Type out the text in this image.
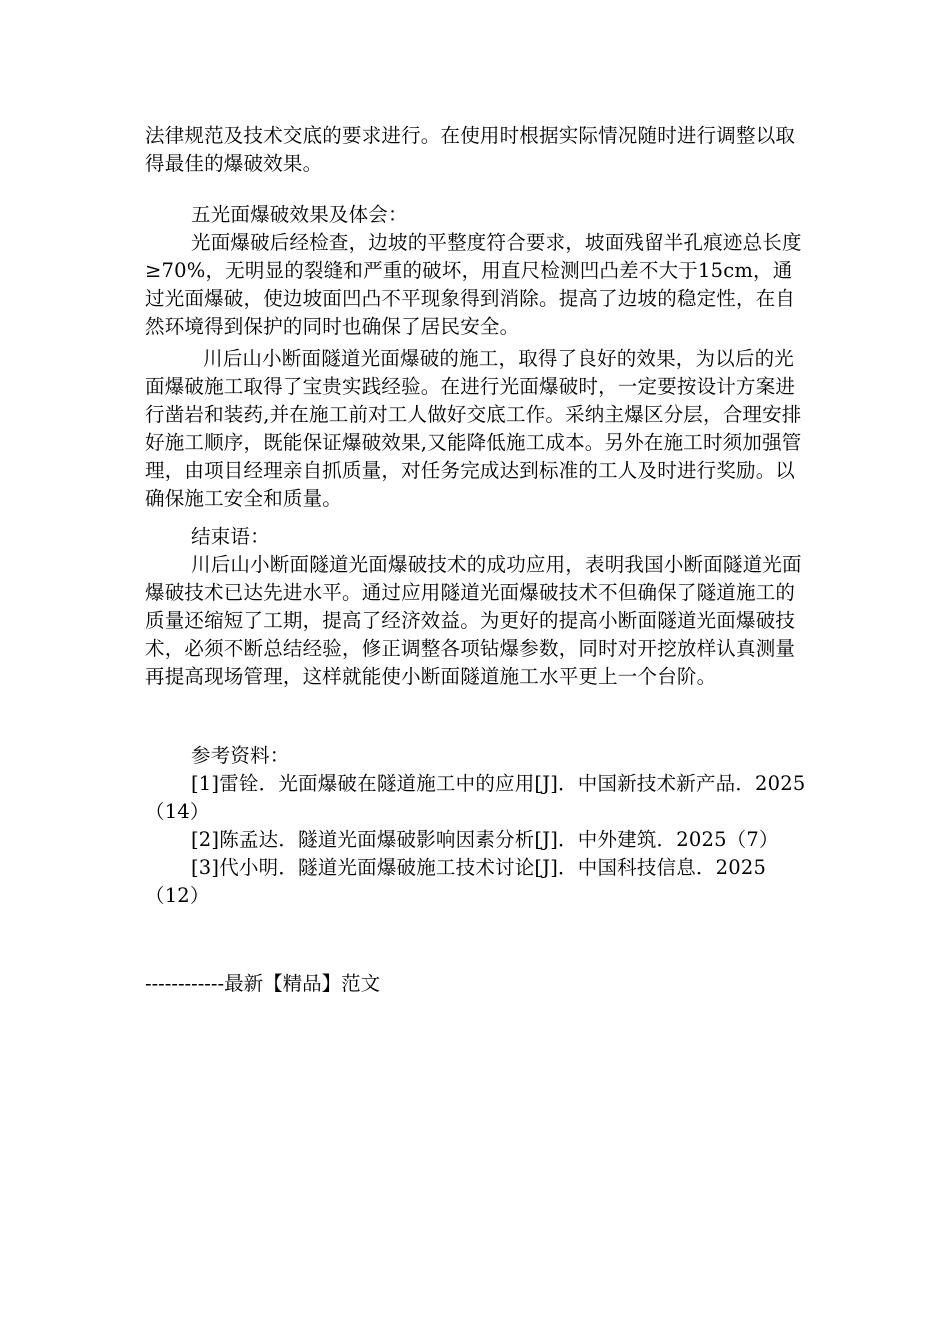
法律规范及技术交底的要求进行。在使用时根据实际情况随时进行调整以取得最佳的爆破效果。

五光面爆破效果及体会：

光面爆破后经检查，边坡的平整度符合要求，坡面残留半孔痕迹总长度≥70%，无明显的裂缝和严重的破坏，用直尺检测凹凸差不大于15cm，通过光面爆破，使边坡面凹凸不平现象得到消除。提高了边坡的稳定性，在自然环境得到保护的同时也确保了居民安全。

川后山小断面隧道光面爆破的施工，取得了良好的效果，为以后的光面爆破施工取得了宝贵实践经验。在进行光面爆破时，一定要按设计方案进行凿岩和装药,并在施工前对工人做好交底工作。采纳主爆区分层，合理安排好施工顺序，既能保证爆破效果,又能降低施工成本。另外在施工时须加强管理，由项目经理亲自抓质量，对任务完成达到标准的工人及时进行奖励。以确保施工安全和质量。

结束语：

川后山小断面隧道光面爆破技术的成功应用，表明我国小断面隧道光面爆破技术已达先进水平。通过应用隧道光面爆破技术不但确保了隧道施工的质量还缩短了工期，提高了经济效益。为更好的提高小断面隧道光面爆破技术，必须不断总结经验，修正调整各项钻爆参数，同时对开挖放样认真测量再提高现场管理，这样就能使小断面隧道施工水平更上一个台阶。

参考资料：

[1]雷铨．光面爆破在隧道施工中的应用[J]．中国新技术新产品．2025（14）

[2]陈孟达．隧道光面爆破影响因素分析[J]．中外建筑．2025（7）

[3]代小明．隧道光面爆破施工技术讨论[J]．中国科技信息．2025（12）

------------最新【精品】范文
